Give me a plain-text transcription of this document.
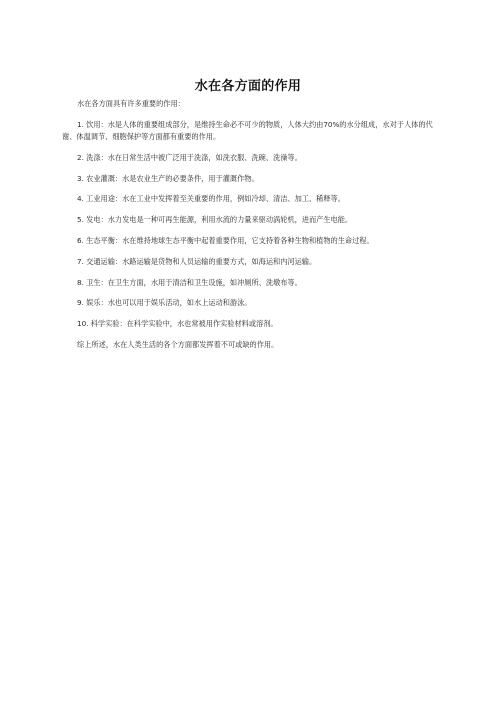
水在各方面的作用

水在各方面具有许多重要的作用：

1. 饮用：水是人体的重要组成部分，是维持生命必不可少的物质，人体大约由70%的水分组成，水对于人体的代谢、体温调节、细胞保护等方面都有重要的作用。

2. 洗涤：水在日常生活中被广泛用于洗涤，如洗衣服、洗碗、洗澡等。

3. 农业灌溉：水是农业生产的必要条件，用于灌溉作物。

4. 工业用途：水在工业中发挥着至关重要的作用，例如冷却、清洁、加工、稀释等。

5. 发电：水力发电是一种可再生能源，利用水流的力量来驱动涡轮机，进而产生电能。

6. 生态平衡：水在维持地球生态平衡中起着重要作用，它支持着各种生物和植物的生命过程。

7. 交通运输：水路运输是货物和人员运输的重要方式，如海运和内河运输。

8. 卫生：在卫生方面，水用于清洁和卫生设施，如冲厕所、洗墩布等。

9. 娱乐：水也可以用于娱乐活动，如水上运动和游泳。

10. 科学实验：在科学实验中，水也常被用作实验材料或溶剂。

综上所述，水在人类生活的各个方面都发挥着不可或缺的作用。
